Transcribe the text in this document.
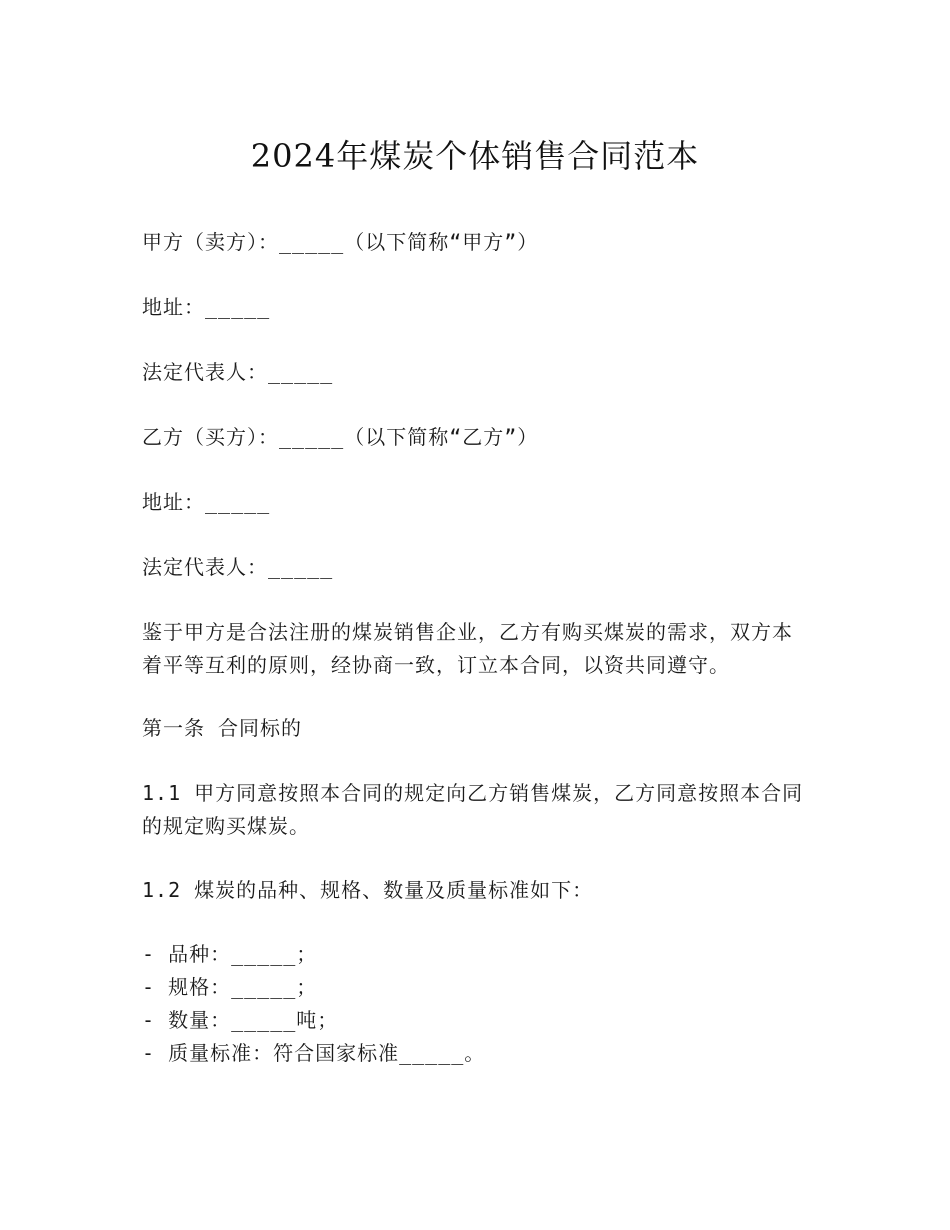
2024年煤炭个体销售合同范本

甲方（卖方）：_____（以下简称“甲方”）

地址：_____

法定代表人：_____

乙方（买方）：_____（以下简称“乙方”）

地址：_____

法定代表人：_____

鉴于甲方是合法注册的煤炭销售企业，乙方有购买煤炭的需求，双方本着平等互利的原则，经协商一致，订立本合同，以资共同遵守。

第一条 合同标的

1.1 甲方同意按照本合同的规定向乙方销售煤炭，乙方同意按照本合同的规定购买煤炭。

1.2 煤炭的品种、规格、数量及质量标准如下：

- 品种：_____；
- 规格：_____；
- 数量：_____吨；
- 质量标准：符合国家标准_____。
